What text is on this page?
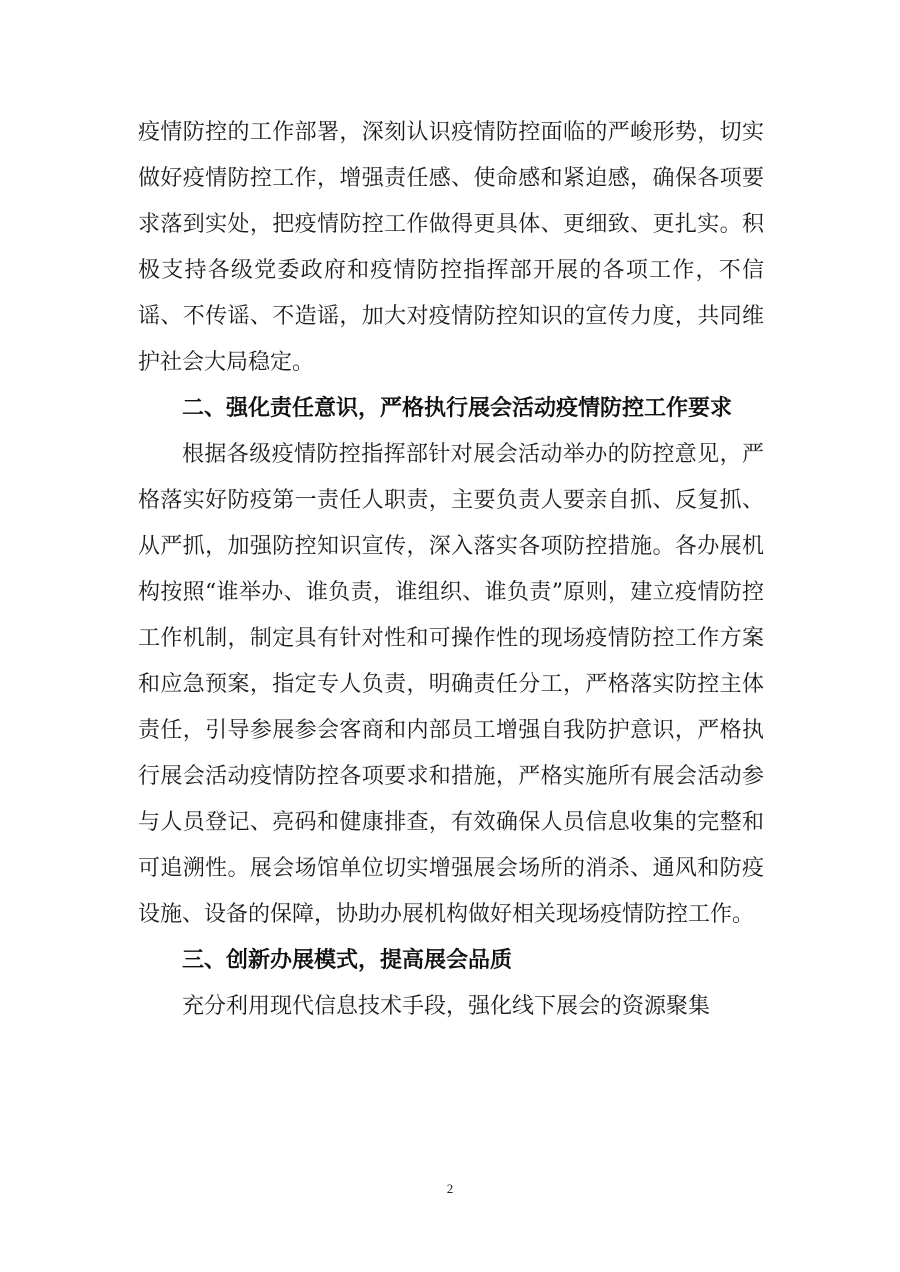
疫情防控的工作部署，深刻认识疫情防控面临的严峻形势，切实做好疫情防控工作，增强责任感、使命感和紧迫感，确保各项要求落到实处，把疫情防控工作做得更具体、更细致、更扎实。积极支持各级党委政府和疫情防控指挥部开展的各项工作，不信谣、不传谣、不造谣，加大对疫情防控知识的宣传力度，共同维护社会大局稳定。

二、强化责任意识，严格执行展会活动疫情防控工作要求

根据各级疫情防控指挥部针对展会活动举办的防控意见，严格落实好防疫第一责任人职责，主要负责人要亲自抓、反复抓、从严抓，加强防控知识宣传，深入落实各项防控措施。各办展机构按照“谁举办、谁负责，谁组织、谁负责”原则，建立疫情防控工作机制，制定具有针对性和可操作性的现场疫情防控工作方案和应急预案，指定专人负责，明确责任分工，严格落实防控主体责任，引导参展参会客商和内部员工增强自我防护意识，严格执行展会活动疫情防控各项要求和措施，严格实施所有展会活动参与人员登记、亮码和健康排查，有效确保人员信息收集的完整和可追溯性。展会场馆单位切实增强展会场所的消杀、通风和防疫设施、设备的保障，协助办展机构做好相关现场疫情防控工作。

三、创新办展模式，提高展会品质

充分利用现代信息技术手段，强化线下展会的资源聚集

2
